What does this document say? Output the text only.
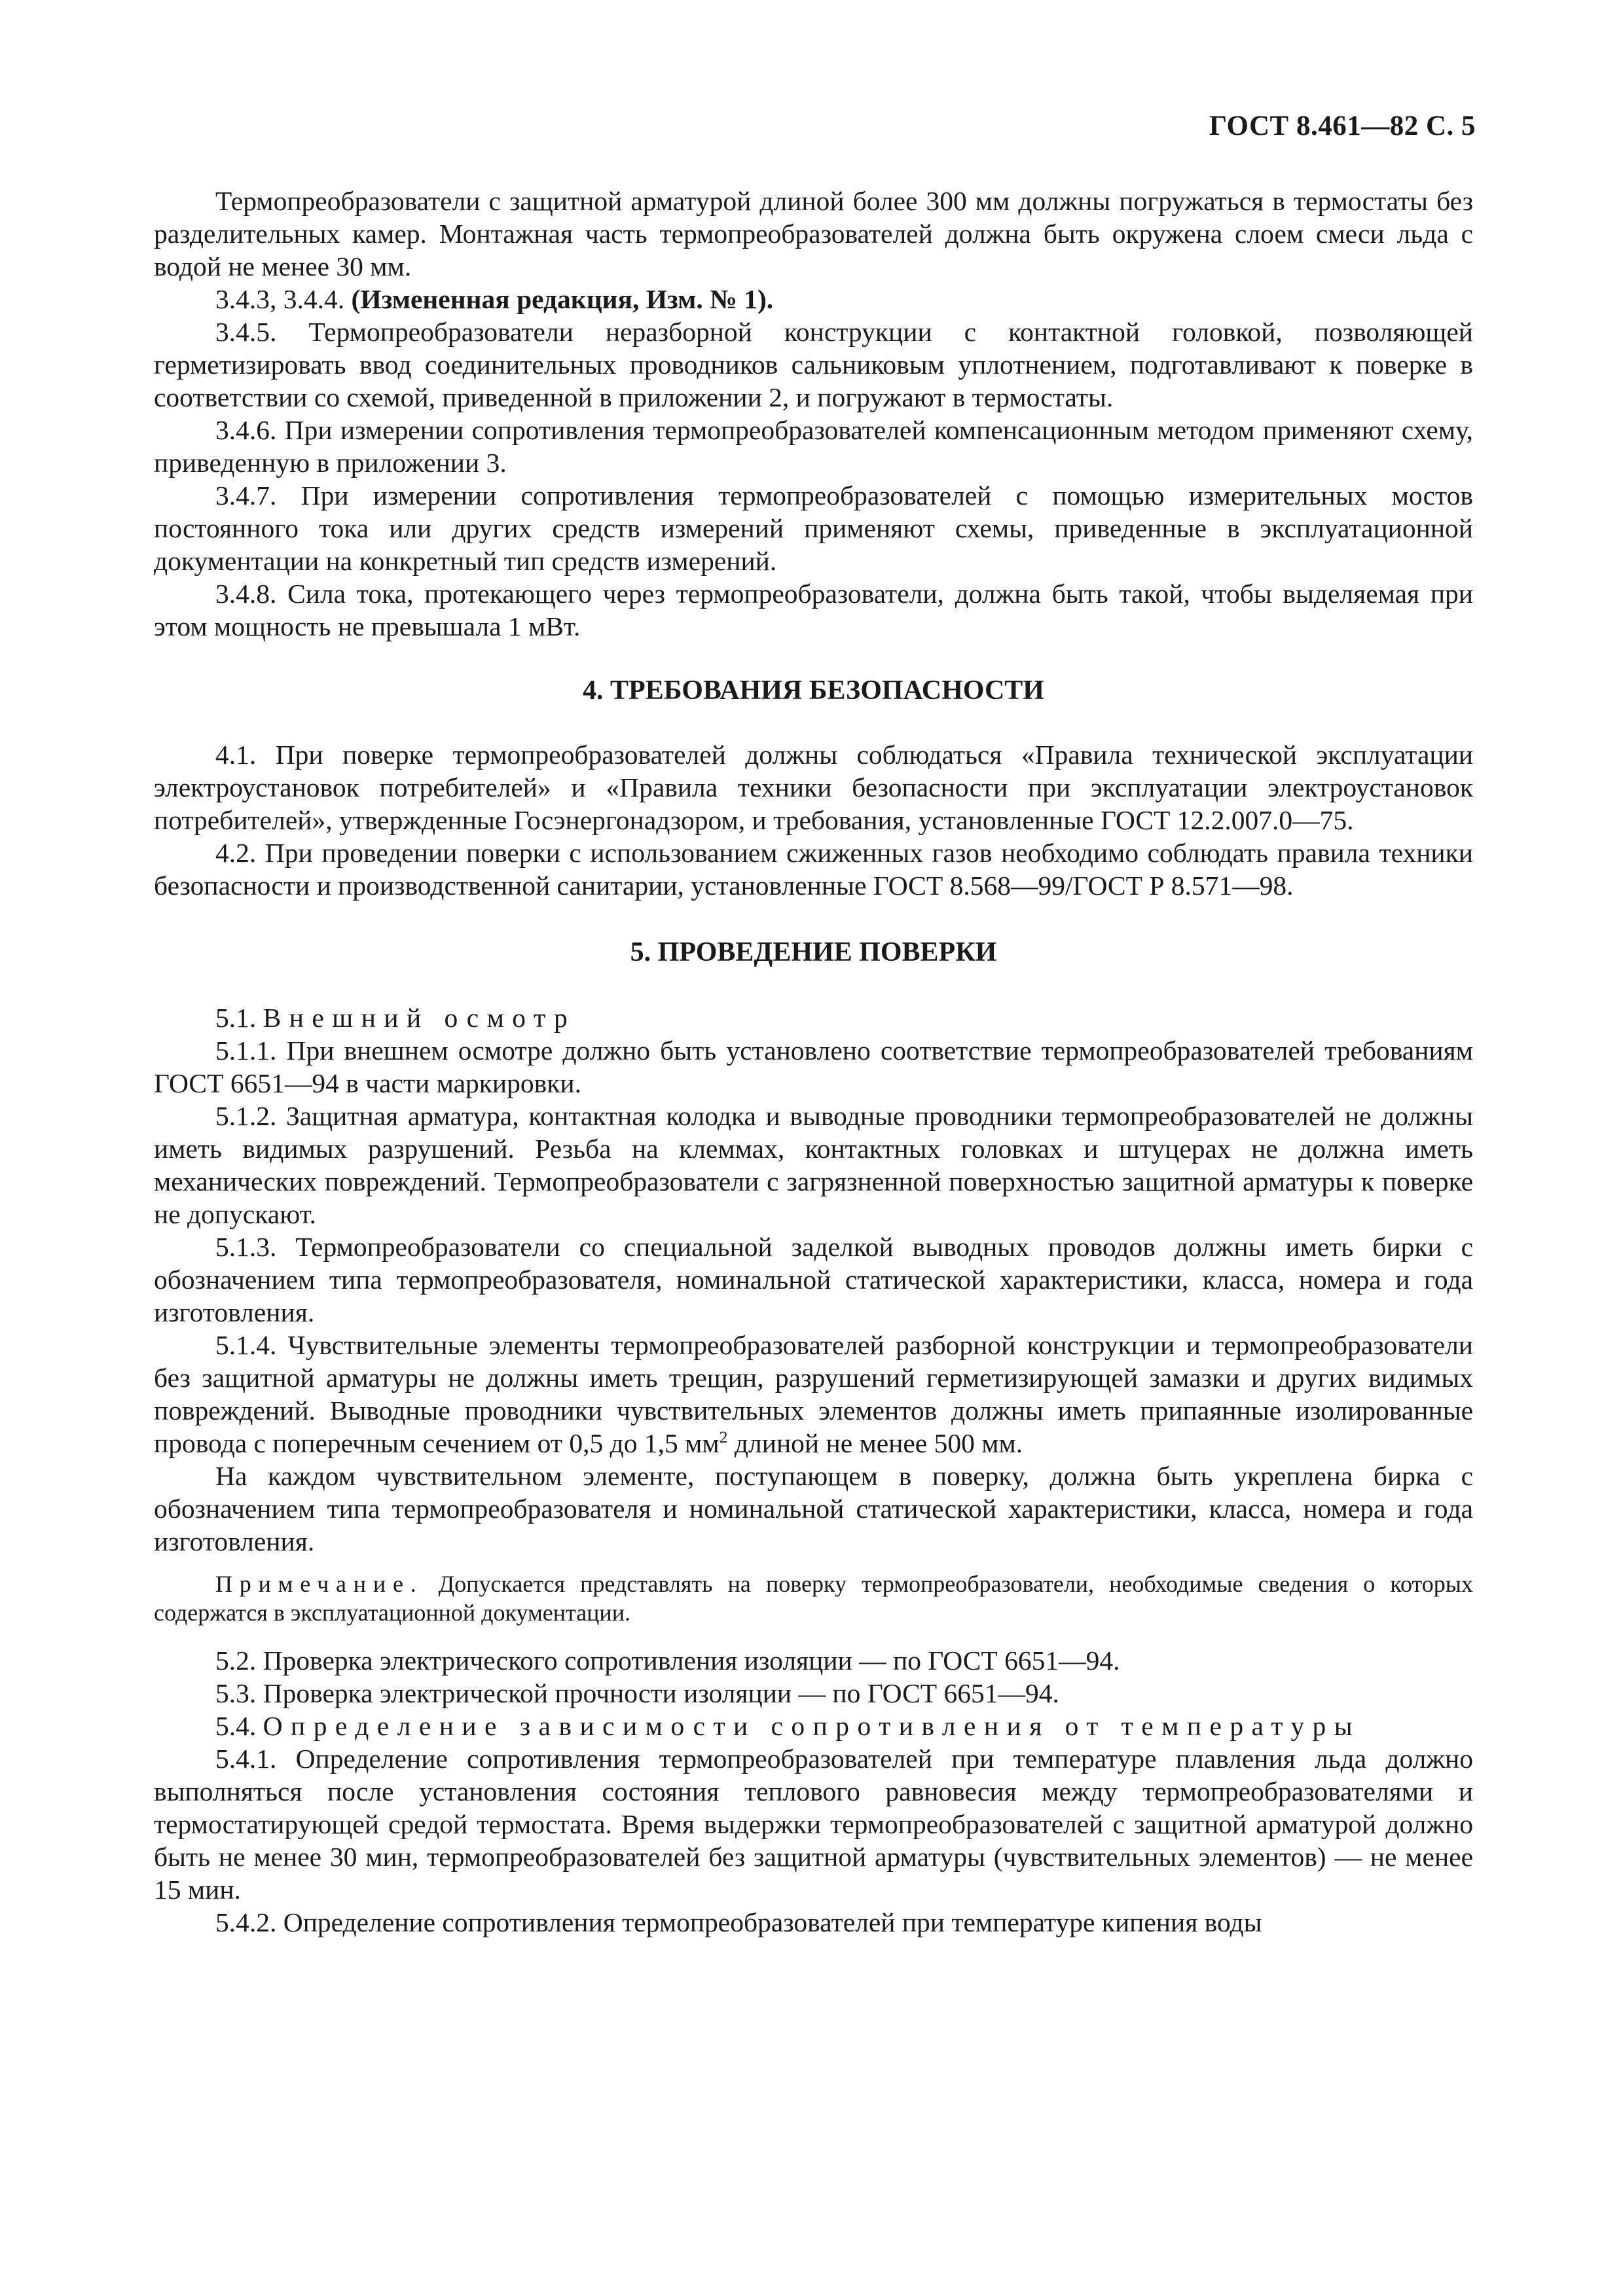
ГОСТ 8.461—82 С. 5

Термопреобразователи с защитной арматурой длиной более 300 мм должны погружаться в термостаты без разделительных камер. Монтажная часть термопреобразователей должна быть окружена слоем смеси льда с водой не менее 30 мм.

3.4.3, 3.4.4. (Измененная редакция, Изм. № 1).

3.4.5. Термопреобразователи неразборной конструкции с контактной головкой, позволяющей герметизировать ввод соединительных проводников сальниковым уплотнением, подготавливают к поверке в соответствии со схемой, приведенной в приложении 2, и погружают в термостаты.

3.4.6. При измерении сопротивления термопреобразователей компенсационным методом применяют схему, приведенную в приложении 3.

3.4.7. При измерении сопротивления термопреобразователей с помощью измерительных мостов постоянного тока или других средств измерений применяют схемы, приведенные в эксплуатационной документации на конкретный тип средств измерений.

3.4.8. Сила тока, протекающего через термопреобразователи, должна быть такой, чтобы выделяемая при этом мощность не превышала 1 мВт.

4. ТРЕБОВАНИЯ БЕЗОПАСНОСТИ

4.1. При поверке термопреобразователей должны соблюдаться «Правила технической эксплуатации электроустановок потребителей» и «Правила техники безопасности при эксплуатации электроустановок потребителей», утвержденные Госэнергонадзором, и требования, установленные ГОСТ 12.2.007.0—75.

4.2. При проведении поверки с использованием сжиженных газов необходимо соблюдать правила техники безопасности и производственной санитарии, установленные ГОСТ 8.568—99/ГОСТ Р 8.571—98.

5. ПРОВЕДЕНИЕ ПОВЕРКИ

5.1. Внешний осмотр

5.1.1. При внешнем осмотре должно быть установлено соответствие термопреобразователей требованиям ГОСТ 6651—94 в части маркировки.

5.1.2. Защитная арматура, контактная колодка и выводные проводники термопреобразователей не должны иметь видимых разрушений. Резьба на клеммах, контактных головках и штуцерах не должна иметь механических повреждений. Термопреобразователи с загрязненной поверхностью защитной арматуры к поверке не допускают.

5.1.3. Термопреобразователи со специальной заделкой выводных проводов должны иметь бирки с обозначением типа термопреобразователя, номинальной статической характеристики, класса, номера и года изготовления.

5.1.4. Чувствительные элементы термопреобразователей разборной конструкции и термопреобразователи без защитной арматуры не должны иметь трещин, разрушений герметизирующей замазки и других видимых повреждений. Выводные проводники чувствительных элементов должны иметь припаянные изолированные провода с поперечным сечением от 0,5 до 1,5 $мм^2$ длиной не менее 500 мм.

На каждом чувствительном элементе, поступающем в поверку, должна быть укреплена бирка с обозначением типа термопреобразователя и номинальной статической характеристики, класса, номера и года изготовления.

Примечание. Допускается представлять на поверку термопреобразователи, необходимые сведения о которых содержатся в эксплуатационной документации.

5.2. Проверка электрического сопротивления изоляции — по ГОСТ 6651—94.

5.3. Проверка электрической прочности изоляции — по ГОСТ 6651—94.

5.4. Определение зависимости сопротивления от температуры

5.4.1. Определение сопротивления термопреобразователей при температуре плавления льда должно выполняться после установления состояния теплового равновесия между термопреобразователями и термостатирующей средой термостата. Время выдержки термопреобразователей с защитной арматурой должно быть не менее 30 мин, термопреобразователей без защитной арматуры (чувствительных элементов) — не менее 15 мин.

5.4.2. Определение сопротивления термопреобразователей при температуре кипения воды
